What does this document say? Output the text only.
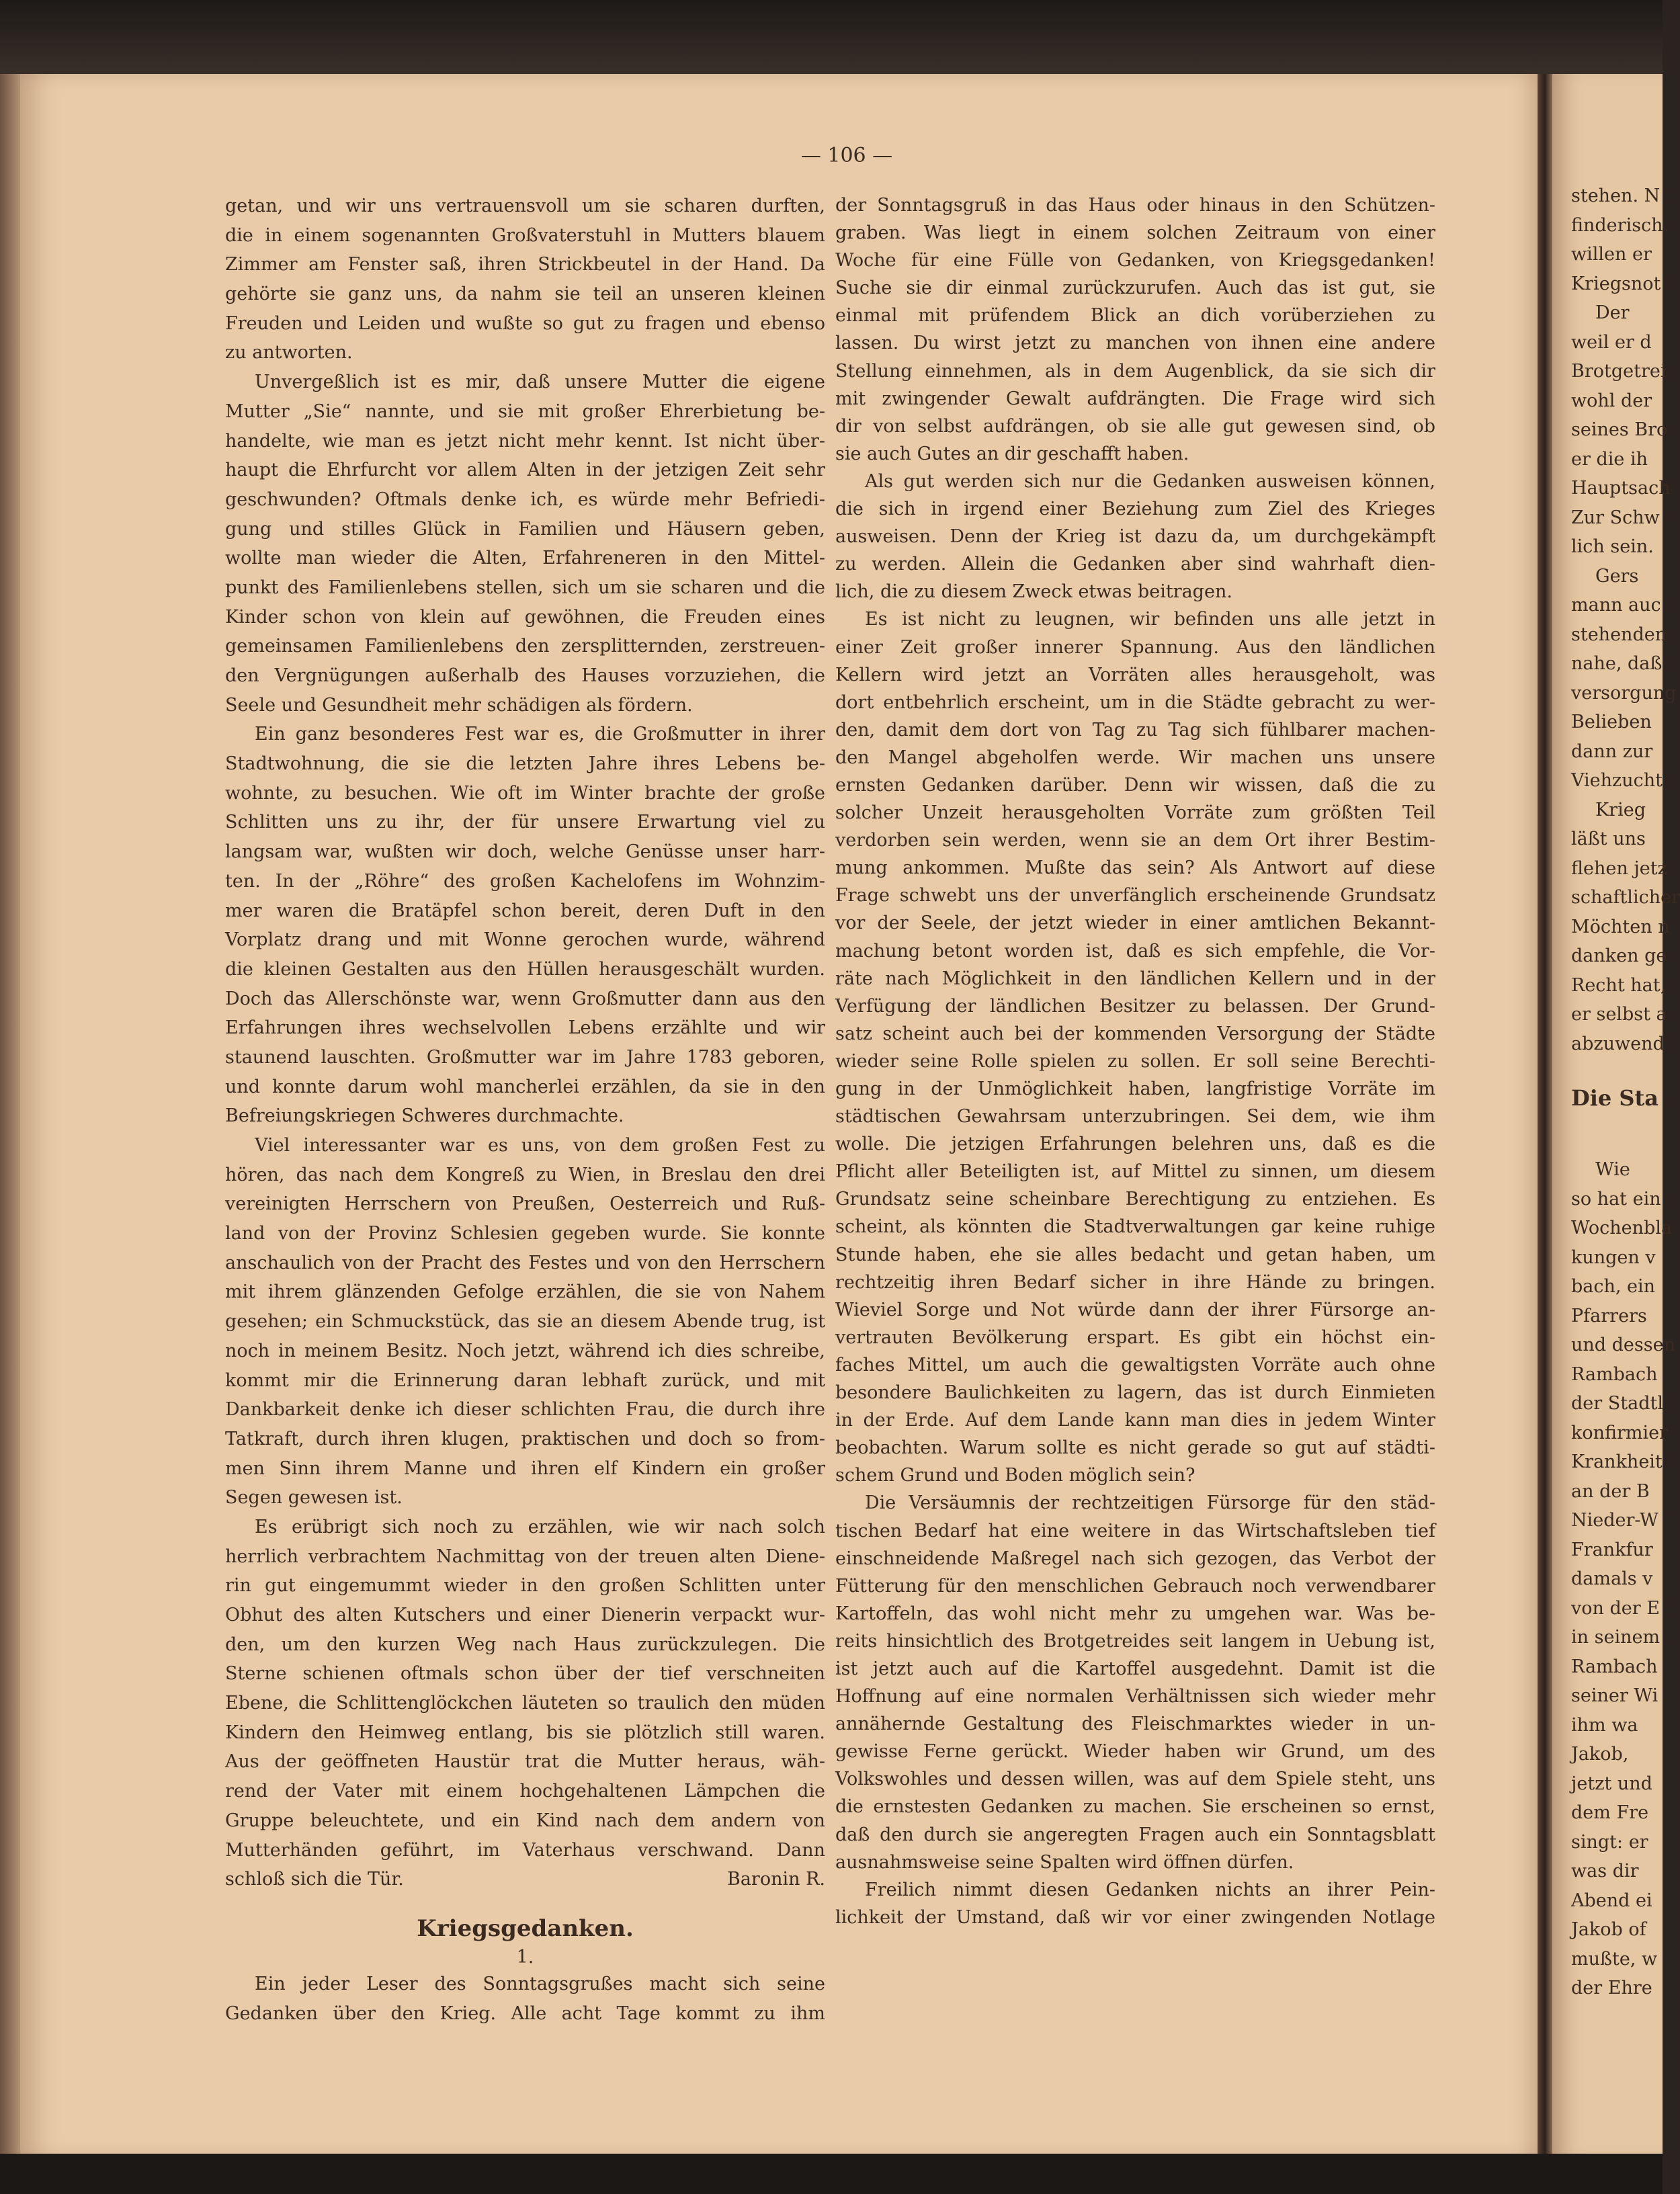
stehen. N
finderisch.
willen er
Kriegsnot
Der
weil er d
Brotgetrei
wohl der
seines Bro
er die ih
Hauptsach
Zur Schw
lich sein.
Gers
mann auc
stehenden
nahe, daß
versorgung
Belieben
dann zur
Viehzucht
Krieg
läßt uns
flehen jetz
schaftlicher
Möchten n
danken ge
Recht hat,
er selbst a
abzuwend
Die Sta
Wie
so hat ein
Wochenbla
kungen v
bach, ein
Pfarrers
und dessen
Rambach
der Stadtl
konfirmier
Krankheit
an der B
Nieder-W
Frankfur
damals v
von der E
in seinem
Rambach
seiner Wi
ihm wa
Jakob,
jetzt und
dem Fre
singt: er
was dir
Abend ei
Jakob of
mußte, w
der Ehre
— 106 —
getan, und wir uns vertrauensvoll um sie scharen durften,
die in einem sogenannten Großvaterstuhl in Mutters blauem
Zimmer am Fenster saß, ihren Strickbeutel in der Hand. Da
gehörte sie ganz uns, da nahm sie teil an unseren kleinen
Freuden und Leiden und wußte so gut zu fragen und ebenso
zu antworten.
Unvergeßlich ist es mir, daß unsere Mutter die eigene
Mutter „Sie“ nannte, und sie mit großer Ehrerbietung be-
handelte, wie man es jetzt nicht mehr kennt. Ist nicht über-
haupt die Ehrfurcht vor allem Alten in der jetzigen Zeit sehr
geschwunden? Oftmals denke ich, es würde mehr Befriedi-
gung und stilles Glück in Familien und Häusern geben,
wollte man wieder die Alten, Erfahreneren in den Mittel-
punkt des Familienlebens stellen, sich um sie scharen und die
Kinder schon von klein auf gewöhnen, die Freuden eines
gemeinsamen Familienlebens den zersplitternden, zerstreuen-
den Vergnügungen außerhalb des Hauses vorzuziehen, die
Seele und Gesundheit mehr schädigen als fördern.
Ein ganz besonderes Fest war es, die Großmutter in ihrer
Stadtwohnung, die sie die letzten Jahre ihres Lebens be-
wohnte, zu besuchen. Wie oft im Winter brachte der große
Schlitten uns zu ihr, der für unsere Erwartung viel zu
langsam war, wußten wir doch, welche Genüsse unser harr-
ten. In der „Röhre“ des großen Kachelofens im Wohnzim-
mer waren die Bratäpfel schon bereit, deren Duft in den
Vorplatz drang und mit Wonne gerochen wurde, während
die kleinen Gestalten aus den Hüllen herausgeschält wurden.
Doch das Allerschönste war, wenn Großmutter dann aus den
Erfahrungen ihres wechselvollen Lebens erzählte und wir
staunend lauschten. Großmutter war im Jahre 1783 geboren,
und konnte darum wohl mancherlei erzählen, da sie in den
Befreiungskriegen Schweres durchmachte.
Viel interessanter war es uns, von dem großen Fest zu
hören, das nach dem Kongreß zu Wien, in Breslau den drei
vereinigten Herrschern von Preußen, Oesterreich und Ruß-
land von der Provinz Schlesien gegeben wurde. Sie konnte
anschaulich von der Pracht des Festes und von den Herrschern
mit ihrem glänzenden Gefolge erzählen, die sie von Nahem
gesehen; ein Schmuckstück, das sie an diesem Abende trug, ist
noch in meinem Besitz. Noch jetzt, während ich dies schreibe,
kommt mir die Erinnerung daran lebhaft zurück, und mit
Dankbarkeit denke ich dieser schlichten Frau, die durch ihre
Tatkraft, durch ihren klugen, praktischen und doch so from-
men Sinn ihrem Manne und ihren elf Kindern ein großer
Segen gewesen ist.
Es erübrigt sich noch zu erzählen, wie wir nach solch
herrlich verbrachtem Nachmittag von der treuen alten Diene-
rin gut eingemummt wieder in den großen Schlitten unter
Obhut des alten Kutschers und einer Dienerin verpackt wur-
den, um den kurzen Weg nach Haus zurückzulegen. Die
Sterne schienen oftmals schon über der tief verschneiten
Ebene, die Schlittenglöckchen läuteten so traulich den müden
Kindern den Heimweg entlang, bis sie plötzlich still waren.
Aus der geöffneten Haustür trat die Mutter heraus, wäh-
rend der Vater mit einem hochgehaltenen Lämpchen die
Gruppe beleuchtete, und ein Kind nach dem andern von
Mutterhänden geführt, im Vaterhaus verschwand. Dann
schloß sich die Tür.	Baronin R.
Kriegsgedanken.
1.
Ein jeder Leser des Sonntagsgrußes macht sich seine
Gedanken über den Krieg. Alle acht Tage kommt zu ihm
der Sonntagsgruß in das Haus oder hinaus in den Schützen-
graben. Was liegt in einem solchen Zeitraum von einer
Woche für eine Fülle von Gedanken, von Kriegsgedanken!
Suche sie dir einmal zurückzurufen. Auch das ist gut, sie
einmal mit prüfendem Blick an dich vorüberziehen zu
lassen. Du wirst jetzt zu manchen von ihnen eine andere
Stellung einnehmen, als in dem Augenblick, da sie sich dir
mit zwingender Gewalt aufdrängten. Die Frage wird sich
dir von selbst aufdrängen, ob sie alle gut gewesen sind, ob
sie auch Gutes an dir geschafft haben.
Als gut werden sich nur die Gedanken ausweisen können,
die sich in irgend einer Beziehung zum Ziel des Krieges
ausweisen. Denn der Krieg ist dazu da, um durchgekämpft
zu werden. Allein die Gedanken aber sind wahrhaft dien-
lich, die zu diesem Zweck etwas beitragen.
Es ist nicht zu leugnen, wir befinden uns alle jetzt in
einer Zeit großer innerer Spannung. Aus den ländlichen
Kellern wird jetzt an Vorräten alles herausgeholt, was
dort entbehrlich erscheint, um in die Städte gebracht zu wer-
den, damit dem dort von Tag zu Tag sich fühlbarer machen-
den Mangel abgeholfen werde. Wir machen uns unsere
ernsten Gedanken darüber. Denn wir wissen, daß die zu
solcher Unzeit herausgeholten Vorräte zum größten Teil
verdorben sein werden, wenn sie an dem Ort ihrer Bestim-
mung ankommen. Mußte das sein? Als Antwort auf diese
Frage schwebt uns der unverfänglich erscheinende Grundsatz
vor der Seele, der jetzt wieder in einer amtlichen Bekannt-
machung betont worden ist, daß es sich empfehle, die Vor-
räte nach Möglichkeit in den ländlichen Kellern und in der
Verfügung der ländlichen Besitzer zu belassen. Der Grund-
satz scheint auch bei der kommenden Versorgung der Städte
wieder seine Rolle spielen zu sollen. Er soll seine Berechti-
gung in der Unmöglichkeit haben, langfristige Vorräte im
städtischen Gewahrsam unterzubringen. Sei dem, wie ihm
wolle. Die jetzigen Erfahrungen belehren uns, daß es die
Pflicht aller Beteiligten ist, auf Mittel zu sinnen, um diesem
Grundsatz seine scheinbare Berechtigung zu entziehen. Es
scheint, als könnten die Stadtverwaltungen gar keine ruhige
Stunde haben, ehe sie alles bedacht und getan haben, um
rechtzeitig ihren Bedarf sicher in ihre Hände zu bringen.
Wieviel Sorge und Not würde dann der ihrer Fürsorge an-
vertrauten Bevölkerung erspart. Es gibt ein höchst ein-
faches Mittel, um auch die gewaltigsten Vorräte auch ohne
besondere Baulichkeiten zu lagern, das ist durch Einmieten
in der Erde. Auf dem Lande kann man dies in jedem Winter
beobachten. Warum sollte es nicht gerade so gut auf städti-
schem Grund und Boden möglich sein?
Die Versäumnis der rechtzeitigen Fürsorge für den städ-
tischen Bedarf hat eine weitere in das Wirtschaftsleben tief
einschneidende Maßregel nach sich gezogen, das Verbot der
Fütterung für den menschlichen Gebrauch noch verwendbarer
Kartoffeln, das wohl nicht mehr zu umgehen war. Was be-
reits hinsichtlich des Brotgetreides seit langem in Uebung ist,
ist jetzt auch auf die Kartoffel ausgedehnt. Damit ist die
Hoffnung auf eine normalen Verhältnissen sich wieder mehr
annähernde Gestaltung des Fleischmarktes wieder in un-
gewisse Ferne gerückt. Wieder haben wir Grund, um des
Volkswohles und dessen willen, was auf dem Spiele steht, uns
die ernstesten Gedanken zu machen. Sie erscheinen so ernst,
daß den durch sie angeregten Fragen auch ein Sonntagsblatt
ausnahmsweise seine Spalten wird öffnen dürfen.
Freilich nimmt diesen Gedanken nichts an ihrer Pein-
lichkeit der Umstand, daß wir vor einer zwingenden Notlage
